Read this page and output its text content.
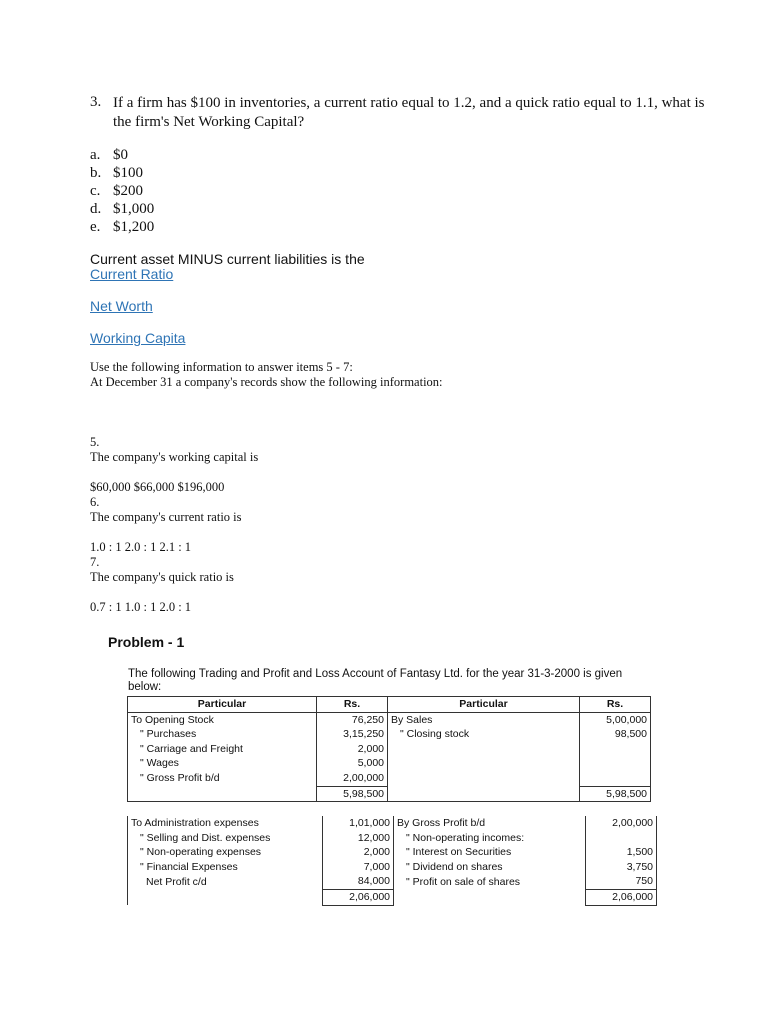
3. If a firm has $100 in inventories, a current ratio equal to 1.2, and a quick ratio equal to 1.1, what is the firm's Net Working Capital?
a. $0
b. $100
c. $200
d. $1,000
e. $1,200
Current asset MINUS current liabilities is the
Current Ratio
Net Worth
Working Capita
Use the following information to answer items 5 - 7:
At December 31 a company's records show the following information:
5.
The company's working capital is
$60,000 $66,000 $196,000
6.
The company's current ratio is
1.0 : 1 2.0 : 1 2.1 : 1
7.
The company's quick ratio is
0.7 : 1 1.0 : 1 2.0 : 1
Problem - 1
The following Trading and Profit and Loss Account of Fantasy Ltd. for the year 31-3-2000 is given below:
Particular	Rs.	Particular	Rs.
To Opening Stock	76,250	By Sales	5,00,000
" Purchases	3,15,250	" Closing stock	98,500
" Carriage and Freight	2,000		
" Wages	5,000		
" Gross Profit b/d	2,00,000		
	5,98,500		5,98,500
To Administration expenses	1,01,000	By Gross Profit b/d	2,00,000
" Selling and Dist. expenses	12,000	" Non-operating incomes:	
" Non-operating expenses	2,000	" Interest on Securities	1,500
" Financial Expenses	7,000	" Dividend on shares	3,750
Net Profit c/d	84,000	" Profit on sale of shares	750
	2,06,000		2,06,000
